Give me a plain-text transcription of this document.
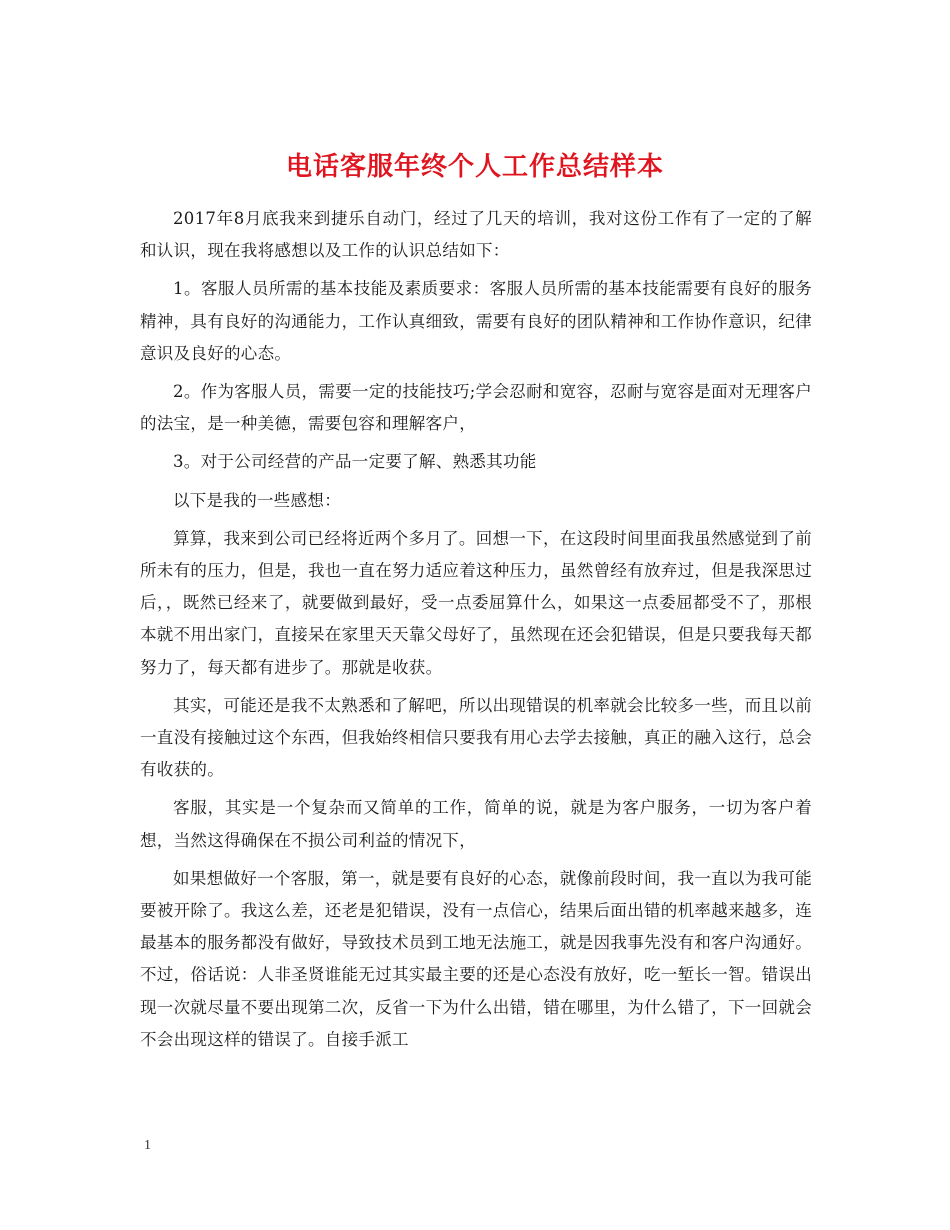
电话客服年终个人工作总结样本

2017年8月底我来到捷乐自动门，经过了几天的培训，我对这份工作有了一定的了解和认识，现在我将感想以及工作的认识总结如下：

1。客服人员所需的基本技能及素质要求：客服人员所需的基本技能需要有良好的服务精神，具有良好的沟通能力，工作认真细致，需要有良好的团队精神和工作协作意识，纪律意识及良好的心态。

2。作为客服人员，需要一定的技能技巧;学会忍耐和宽容，忍耐与宽容是面对无理客户的法宝，是一种美德，需要包容和理解客户，

3。对于公司经营的产品一定要了解、熟悉其功能

以下是我的一些感想：

算算，我来到公司已经将近两个多月了。回想一下，在这段时间里面我虽然感觉到了前所未有的压力，但是，我也一直在努力适应着这种压力，虽然曾经有放弃过，但是我深思过后，，既然已经来了，就要做到最好，受一点委屈算什么，如果这一点委屈都受不了，那根本就不用出家门，直接呆在家里天天靠父母好了，虽然现在还会犯错误，但是只要我每天都努力了，每天都有进步了。那就是收获。

其实，可能还是我不太熟悉和了解吧，所以出现错误的机率就会比较多一些，而且以前一直没有接触过这个东西，但我始终相信只要我有用心去学去接触，真正的融入这行，总会有收获的。

客服，其实是一个复杂而又简单的工作，简单的说，就是为客户服务，一切为客户着想，当然这得确保在不损公司利益的情况下，

如果想做好一个客服，第一，就是要有良好的心态，就像前段时间，我一直以为我可能要被开除了。我这么差，还老是犯错误，没有一点信心，结果后面出错的机率越来越多，连最基本的服务都没有做好，导致技术员到工地无法施工，就是因我事先没有和客户沟通好。不过，俗话说：人非圣贤谁能无过其实最主要的还是心态没有放好，吃一堑长一智。错误出现一次就尽量不要出现第二次，反省一下为什么出错，错在哪里，为什么错了，下一回就会不会出现这样的错误了。自接手派工

1
